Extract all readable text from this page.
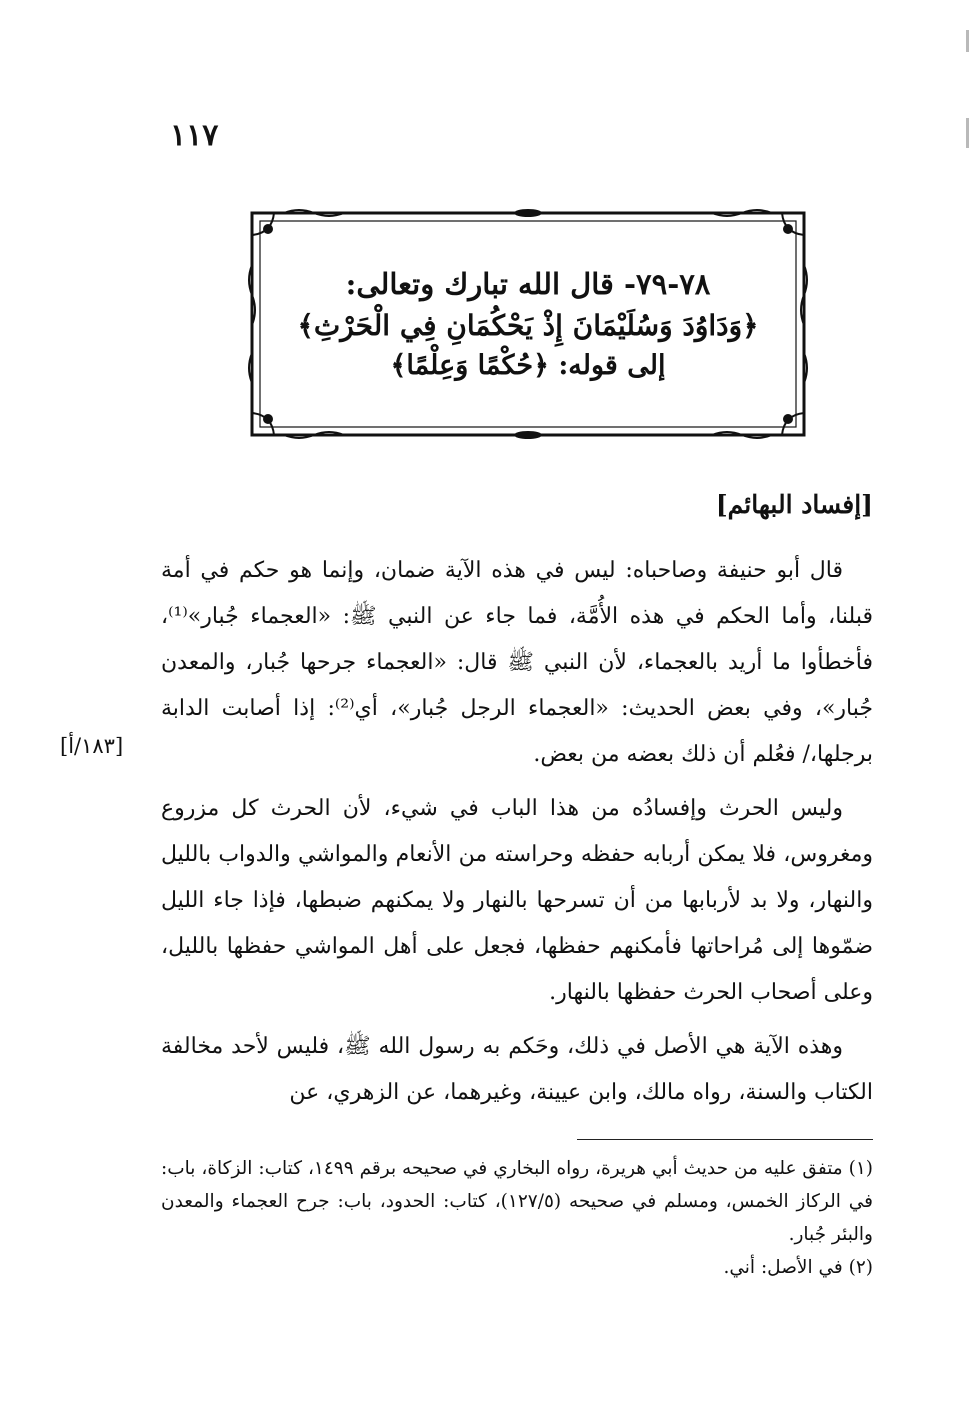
١١٧
٧٨-٧٩- قال الله تبارك وتعالى:
﴿وَدَاوُدَ وَسُلَيْمَانَ إِذْ يَحْكُمَانِ فِي الْحَرْثِ﴾
إلى قوله: ﴿حُكْمًا وَعِلْمًا﴾
[إفساد البهائم]

قال أبو حنيفة وصاحباه: ليس في هذه الآية ضمان، وإنما هو حكم في أمة قبلنا، وأما الحكم في هذه الأُمَّة، فما جاء عن النبي ﷺ: «العجماء جُبار»⁽¹⁾، فأخطأوا ما أريد بالعجماء، لأن النبي ﷺ قال: «العجماء جرحها جُبار، والمعدن جُبار»، وفي بعض الحديث: «العجماء الرجل جُبار»، أي⁽²⁾: إذا أصابت الدابة برجلها،/ فعُلم أن ذلك بعضه من بعض.

وليس الحرث وإفسادُه من هذا الباب في شيء، لأن الحرث كل مزروع ومغروس، فلا يمكن أربابه حفظه وحراسته من الأنعام والمواشي والدواب بالليل والنهار، ولا بد لأربابها من أن تسرحها بالنهار ولا يمكنهم ضبطها، فإذا جاء الليل ضمّوها إلى مُراحاتها فأمكنهم حفظها، فجعل على أهل المواشي حفظها بالليل، وعلى أصحاب الحرث حفظها بالنهار.

وهذه الآية هي الأصل في ذلك، وحَكم به رسول الله ﷺ، فليس لأحد مخالفة الكتاب والسنة، رواه مالك، وابن عيينة، وغيرهما، عن الزهري، عن

[١٨٣/أ]

(١) متفق عليه من حديث أبي هريرة، رواه البخاري في صحيحه برقم ١٤٩٩، كتاب: الزكاة، باب: في الركاز الخمس، ومسلم في صحيحه (١٢٧/٥)، كتاب: الحدود، باب: جرح العجماء والمعدن والبئر جُبار.

(٢) في الأصل: أني.
